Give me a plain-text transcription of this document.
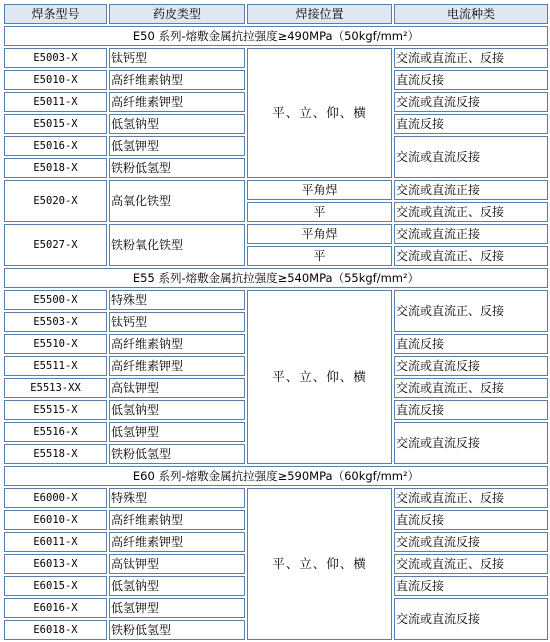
焊条型号	药皮类型	焊接位置	电流种类
E50 系列-熔敷金属抗拉强度≥490MPa（50kgf/mm²）			
E5003-X	钛钙型	平、立、仰、横	交流或直流正、反接
E5010-X	高纤维素钠型		直流反接
E5011-X	高纤维素钾型		交流或直流反接
E5015-X	低氢钠型		直流反接
E5016-X	低氢钾型		交流或直流反接
E5018-X	铁粉低氢型		
E5020-X	高氧化铁型	平角焊	交流或直流正接
		平	交流或直流正、反接
E5027-X	铁粉氧化铁型	平角焊	交流或直流正接
		平	交流或直流正、反接
E55 系列-熔敷金属抗拉强度≥540MPa（55kgf/mm²）			
E5500-X	特殊型	平、立、仰、横	交流或直流正、反接
E5503-X	钛钙型		
E5510-X	高纤维素钠型		直流反接
E5511-X	高纤维素钾型		交流或直流反接
E5513-XX	高钛钾型		交流或直流正、反接
E5515-X	低氢钠型		直流反接
E5516-X	低氢钾型		交流或直流反接
E5518-X	铁粉低氢型		
E60 系列-熔敷金属抗拉强度≥590MPa（60kgf/mm²）			
E6000-X	特殊型	平、立、仰、横	交流或直流正、反接
E6010-X	高纤维素钠型		直流反接
E6011-X	高纤维素钾型		交流或直流反接
E6013-X	高钛钾型		交流或直流正、反接
E6015-X	低氢钠型		直流反接
E6016-X	低氢钾型		交流或直流反接
E6018-X	铁粉低氢型		
